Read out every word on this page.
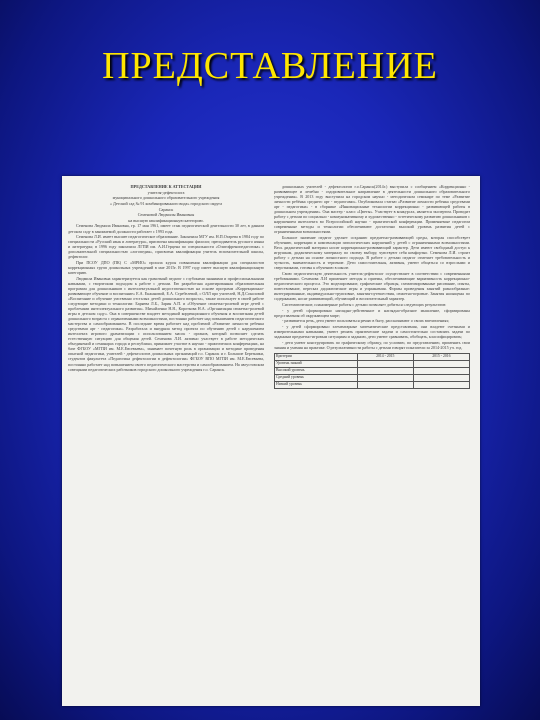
ПРЕДСТАВЛЕНИЕ

ПРЕДСТАВЛЕНИЕ К АТТЕСТАЦИИ

учителя-дефектолога

муниципального дошкольного образовательного учреждения

« Детский сад № 91 комбинированного вида» городского округа

Саранск

Семеновой Людмилы Ивановны

на высшую квалификационную категорию.

Семенова Людмила Ивановна, гр. 17 мая 1961, имеет стаж педагогической деятельности 30 лет, в данном детском саду в занимаемой должности работает с 1993 года.

Семенова Л.И. имеет высшее педагогическое образование. Закончила МГУ им. Н.П.Огарева в 1984 году по специальности «Русский язык и литература», присвоена квалификация: филолог, преподаватель русского языка и литературы; в 1996 году закончила ЛГПИ им. А.И.Герцена по специальности «Олигофренопедагогика» с дополнительной специальностью «логопедия», присвоена квалификация учитель вспомогательной школы, дефектолог.

При ПСОУ ДПО (ПК) С «МРИО» прошла курсы повышения квалификации для специалистов коррекционных групп дошкольных учреждений в мае 2015г. В 1997 году имеет высшую квалификационную категорию.

Людмила Ивановна характеризуется как грамотный педагог с глубокими знаниями и профессиональными навыками, с творческим подходом к работе с детьми. Ею разработана адаптированная образовательная программа для дошкольников с интеллектуальной недостаточностью на основе программ «Коррекционно-развивающее обучение и воспитание» Е.А. Екжановой, Е.А. Стребелевой, с ОЛЛ про учителей, Н.Д.Соколовой «Воспитание и обучение умственно отсталых детей дошкольного возраста», также использует в своей работе следующие методики и технологии: Баряева Л.Б., Зарин А.П. и «Обучение сюжетно-ролевой игре детей с проблемами интеллектуального развития». Михайленко Н.Я., Короткова Н.А. «Организация сюжетно-ролевой игры в детском саду». Она в совершенстве владеет методикой коррекционного обучения и воспитания детей дошкольного возраста с ограниченными возможностями, постоянно работает над повышением педагогического мастерства и самообразованием. В последние время работает над проблемой «Развитие личности ребенка средствами арт - педагогики». Разработала и внедряла метод проекта по обучению детей с нарушением интеллекта игрового драматизации с использованием масок - органов, который позволяет сделать естественную ситуацию для общения детей. Семенова Л.И. активно участвует в работе методических объединений и семинарах города и республики, принимает участие в научно - практических конференциях, на базе ФГБОУ «МГПИ им. М.Е.Евсевьева», занимает почетную роль в организации и методике проведения опытной педагогики, учителей - дефектологов дошкольных организаций г.о. Саранск и г. Большие Березники, студентов факультета «Педагогика дефектологии в дефектологии» ФГБОУ ВПО МГПИ им. М.Е.Евсевьева, постоянно работает над повышением своего педагогического мастерства и самообразованием. На августовском совещании педагогических работников городского дошкольного учреждения г.о. Саранск.

дошкольных учителей - дефектологов г.о.Саранск(2014г.) выступила с сообщением «Коррекционно - развивающее и лечебно - оздоровительное направление в деятельности дошкольного образовательного учреждения». В 2013 году выступила на городском научно - методическом семинаре по теме «Развитие личности ребёнка среднего арт - педагогами». Опубликовала статью «Развитие личности ребенка средствами арт - педагогики» - в сборнике «Инновационные технологии коррекционно - развивающей работы в дошкольном учреждении». Она мастер - класс «Цветы». Участвует в конкурсах, является экспертом. Проводит работу с детьми по социально - коммуникативному и художественно - эстетическому развитию дошкольников с нарушением интеллекта во Всероссийской научно - практической конференции. Применяемые педагогом современные методы и технологии обеспечивают достаточно высокий уровень развития детей с ограниченными возможностями.

Большое значение педагог уделяет созданию предметно-развивающей среды, которая способствует обучению, коррекции и компенсации патологических нарушений у детей с ограниченными возможностями. Весь дидактический материал носит коррекционно-развивающий характер. Дети имеют свободный доступ к игрушкам, дидактическому материалу по своему выбору, чувствуют себя комфортно. Семенова Л.И. строит работу с детьми на основе личностного подхода. В работе с детьми педагог отмечает требовательность и чуткость, внимательность и терпение. Дети самостоятельны, активны, умеют общаться со взрослыми и сверстниками, готовы к обучению в школе.

Свою педагогическую деятельность учитель-дефектолог осуществляет в соответствии с современными требованиями. Семенова Л.И применяет методы и приемы, обеспечивающие вариативность коррекционно-педагогического процесса. Это моделирование, графические образцы, схематизированные рисование, опыты, повествование, пересказ дидактические игры и упражнения. Формы проведения занятий разнообразные: интегрированные, индивидуально-групповые, занятия-путешествия, сюжетно-игровые. Занятия насыщены по содержанию, носят развивающий, обучающий и воспитательный характер.

Систематические, планомерные работы с детьми позволяет добиться следующих результатов:

- у детей сформировано наглядно-действенное и наглядно-образное мышление, сформированы представления об окружающем мире;

- развивается речь, дети умеют пользоваться речью в быту, рассказывают о своих впечатлениях;

- у детей сформировано элементарные математические представления, они владеют счетными и измерительными навыками, умеют решать практические задачи и самостоятельно составлять задачи по заданным предметно-игровым ситуациям и заданию, дети умеют сравнивать, обобщать, классифицировать;

- дети умеют конструировать по графическому образцу, по условию, по представлению, применять свои знания и умения на практике. О результативности работы с детьми говорят показатели за 2014-2015 уч. год.

Критерии	2014 - 2015	2015 - 2016
Уровень знаний		
Высокий уровень		
Средний уровень		
Низкий уровень		
